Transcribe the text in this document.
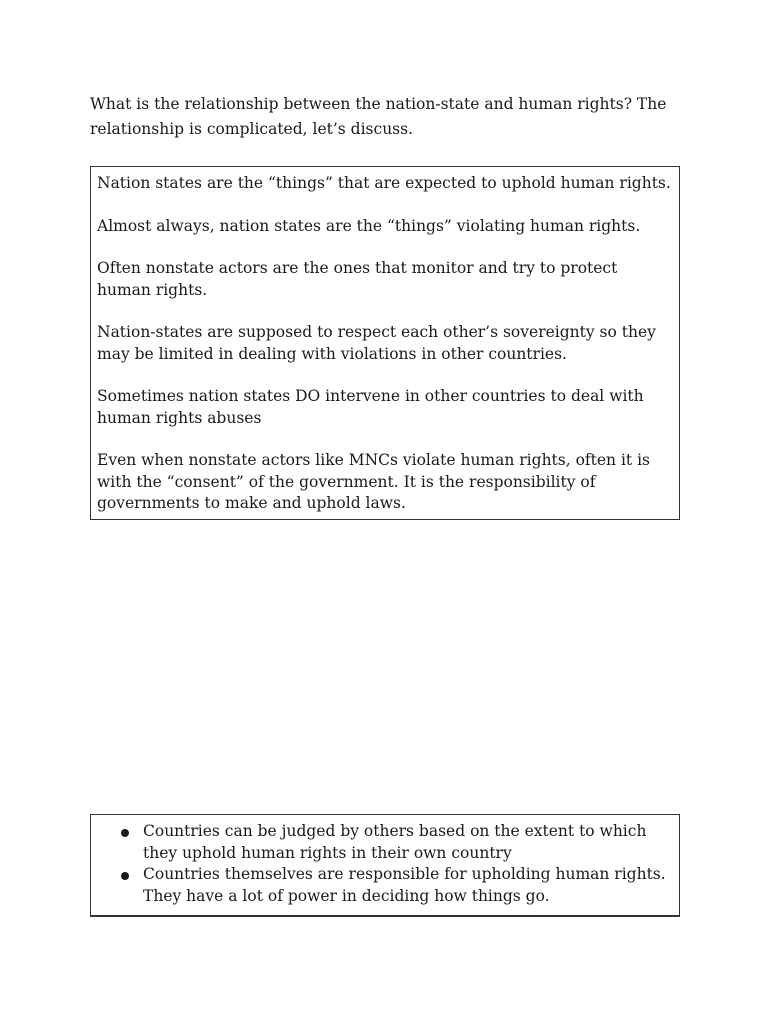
What is the relationship between the nation-state and human rights? The relationship is complicated, let’s discuss.

Nation states are the “things” that are expected to uphold human rights.

Almost always, nation states are the “things” violating human rights.

Often nonstate actors are the ones that monitor and try to protect human rights.

Nation-states are supposed to respect each other’s sovereignty so they may be limited in dealing with violations in other countries.

Sometimes nation states DO intervene in other countries to deal with human rights abuses

Even when nonstate actors like MNCs violate human rights, often it is with the “consent” of the government. It is the responsibility of governments to make and uphold laws.

Countries can be judged by others based on the extent to which they uphold human rights in their own country
Countries themselves are responsible for upholding human rights. They have a lot of power in deciding how things go.
